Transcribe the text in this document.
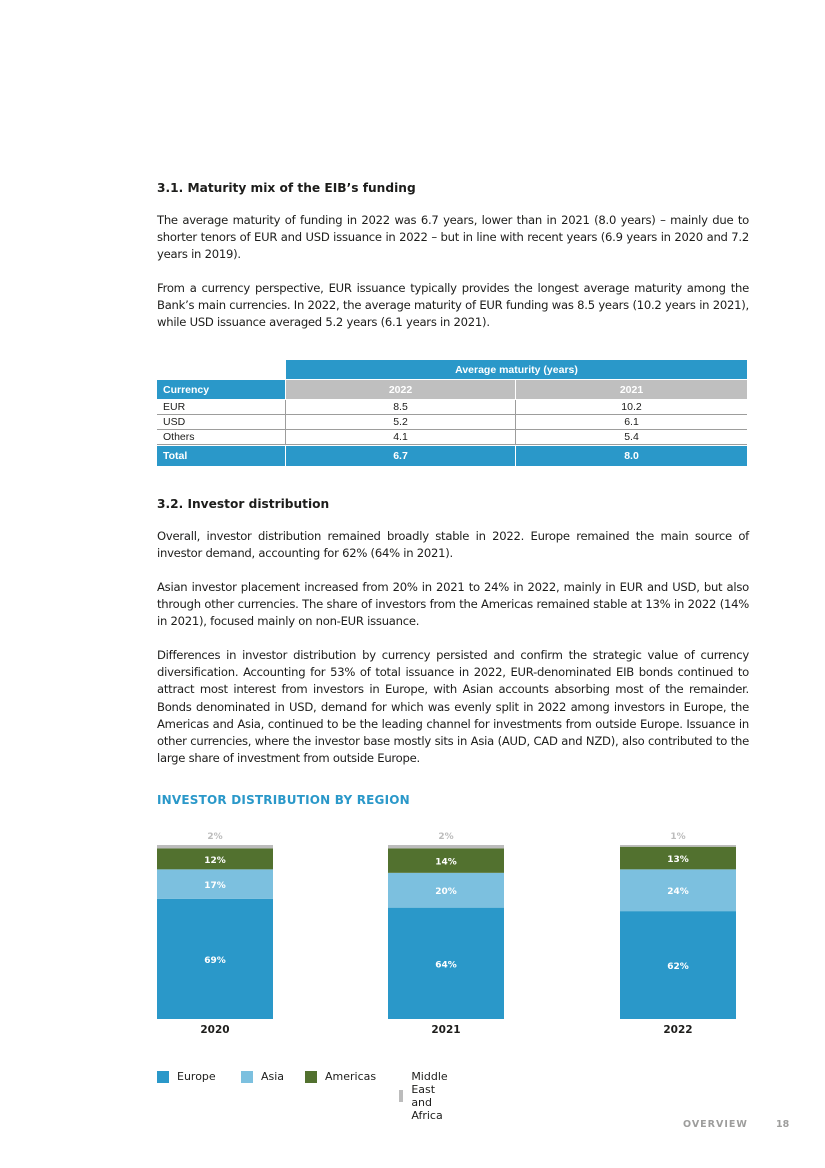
3.1. Maturity mix of the EIB’s funding

The average maturity of funding in 2022 was 6.7 years, lower than in 2021 (8.0 years) – mainly due to shorter tenors of EUR and USD issuance in 2022 – but in line with recent years (6.9 years in 2020 and 7.2 years in 2019).

From a currency perspective, EUR issuance typically provides the longest average maturity among the Bank’s main currencies. In 2022, the average maturity of EUR funding was 8.5 years (10.2 years in 2021), while USD issuance averaged 5.2 years (6.1 years in 2021).

Average maturity (years)
Currency	2022	2021
EUR	8.5	10.2
USD	5.2	6.1
Others	4.1	5.4
Total	6.7	8.0
3.2. Investor distribution

Overall, investor distribution remained broadly stable in 2022. Europe remained the main source of investor demand, accounting for 62% (64% in 2021).

Asian investor placement increased from 20% in 2021 to 24% in 2022, mainly in EUR and USD, but also through other currencies. The share of investors from the Americas remained stable at 13% in 2022 (14% in 2021), focused mainly on non-EUR issuance.

Differences in investor distribution by currency persisted and confirm the strategic value of currency diversification. Accounting for 53% of total issuance in 2022, EUR-denominated EIB bonds continued to attract most interest from investors in Europe, with Asian accounts absorbing most of the remainder. Bonds denominated in USD, demand for which was evenly split in 2022 among investors in Europe, the Americas and Asia, continued to be the leading channel for investments from outside Europe. Issuance in other currencies, where the investor base mostly sits in Asia (AUD, CAD and NZD), also contributed to the large share of investment from outside Europe.

INVESTOR DISTRIBUTION BY REGION
69%
17%
12%
2%
2020
64%
20%
14%
2%
2021
62%
24%
13%
1%
2022
Europe	Asia	Americas	Middle East and Africa
OVERVIEW	18
